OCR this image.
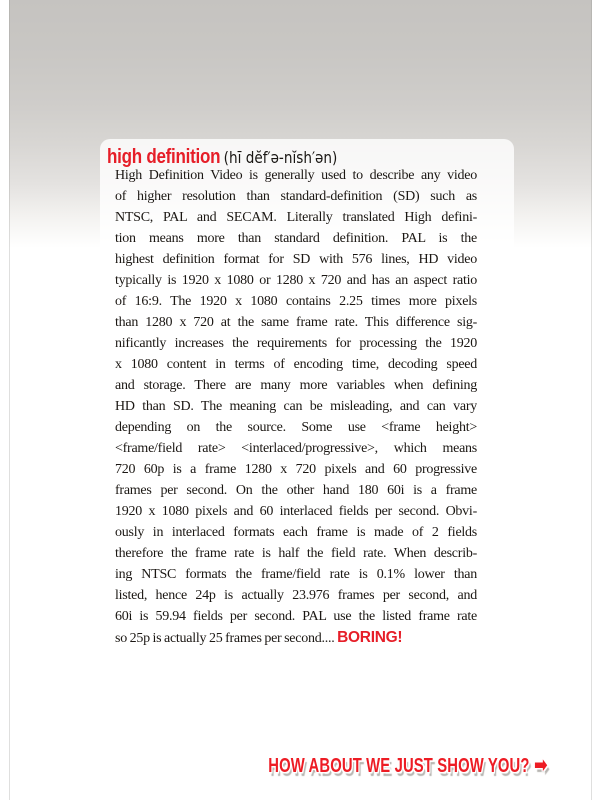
high definition (hī dĕf′ə-nĭsh′ən)
High Definition Video is generally used to describe any video
of higher resolution than standard-definition (SD) such as
NTSC, PAL and SECAM. Literally translated High defini-
tion means more than standard definition. PAL is the
highest definition format for SD with 576 lines, HD video
typically is 1920 x 1080 or 1280 x 720 and has an aspect ratio
of 16:9. The 1920 x 1080 contains 2.25 times more pixels
than 1280 x 720 at the same frame rate. This difference sig-
nificantly increases the requirements for processing the 1920
x 1080 content in terms of encoding time, decoding speed
and storage. There are many more variables when defining
HD than SD. The meaning can be misleading, and can vary
depending on the source. Some use <frame height>
<frame/field rate> <interlaced/progressive>, which means
720 60p is a frame 1280 x 720 pixels and 60 progressive
frames per second. On the other hand 180 60i is a frame
1920 x 1080 pixels and 60 interlaced fields per second. Obvi-
ously in interlaced formats each frame is made of 2 fields
therefore the frame rate is half the field rate. When describ-
ing NTSC formats the frame/field rate is 0.1% lower than
listed, hence 24p is actually 23.976 frames per second, and
60i is 59.94 fields per second. PAL use the listed frame rate
so 25p is actually 25 frames per second.... BORING!
HOW ABOUT WE JUST SHOW YOU? ➡
